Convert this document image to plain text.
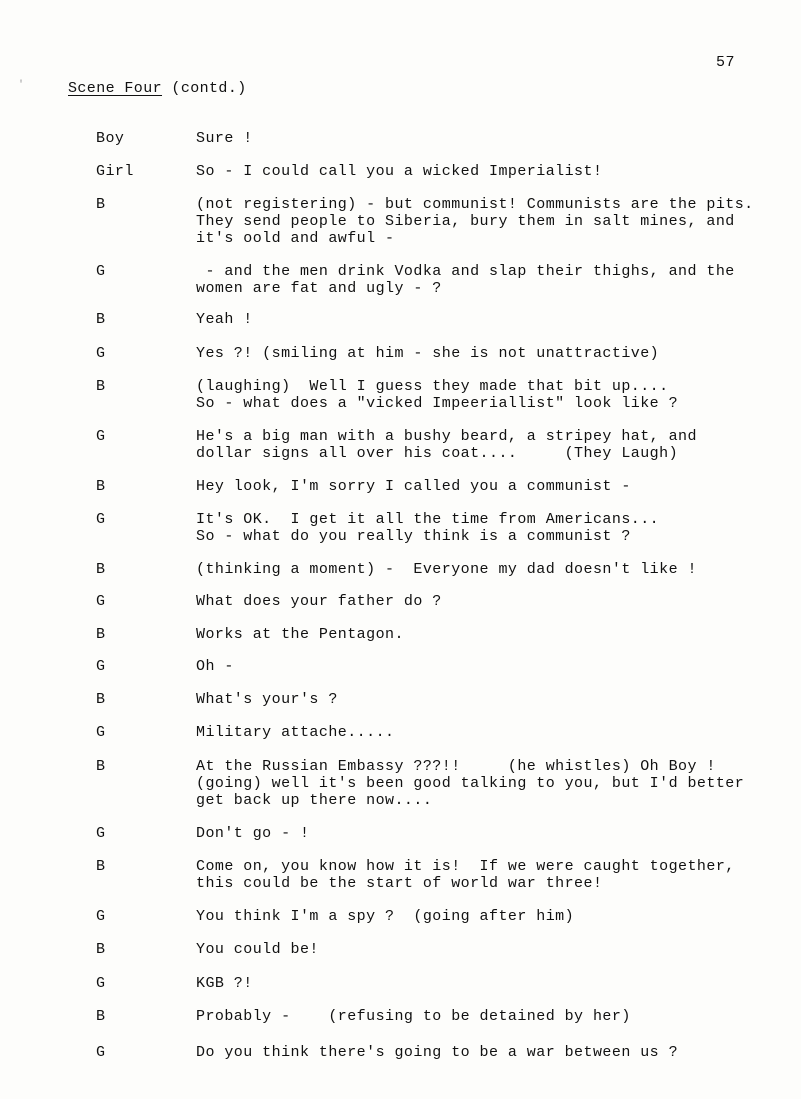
'
57
Scene Four (contd.)
Boy	Sure !
Girl	So - I could call you a wicked Imperialist!
B	(not registering) - but communist! Communists are the pits.
They send people to Siberia, bury them in salt mines, and
it's oold and awful -
G	- and the men drink Vodka and slap their thighs, and the
women are fat and ugly - ?
B	Yeah !
G	Yes ?! (smiling at him - she is not unattractive)
B	(laughing)  Well I guess they made that bit up....
So - what does a "vicked Impeeriallist" look like ?
G	He's a big man with a bushy beard, a stripey hat, and
dollar signs all over his coat....     (They Laugh)
B	Hey look, I'm sorry I called you a communist -
G	It's OK.  I get it all the time from Americans...
So - what do you really think is a communist ?
B	(thinking a moment) -  Everyone my dad doesn't like !
G	What does your father do ?
B	Works at the Pentagon.
G	Oh -
B	What's your's ?
G	Military attache.....
B	At the Russian Embassy ???!!     (he whistles) Oh Boy !
(going) well it's been good talking to you, but I'd better
get back up there now....
G	Don't go - !
B	Come on, you know how it is!  If we were caught together,
this could be the start of world war three!
G	You think I'm a spy ?  (going after him)
B	You could be!
G	KGB ?!
B	Probably -    (refusing to be detained by her)
G	Do you think there's going to be a war between us ?
